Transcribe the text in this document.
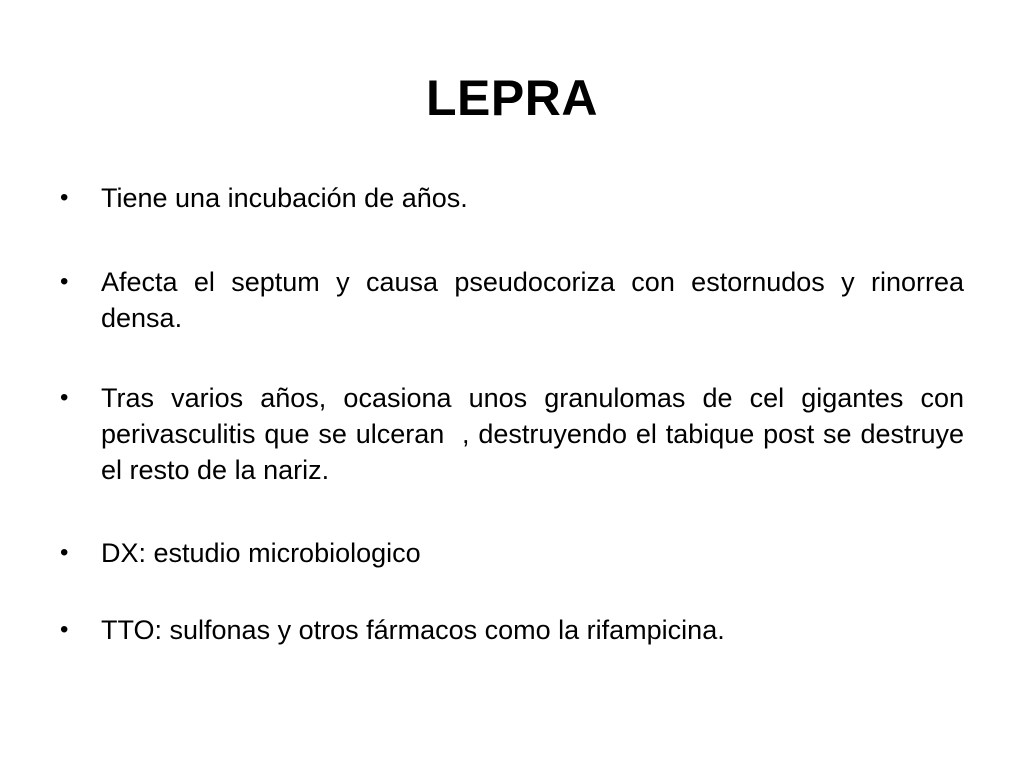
LEPRA
• Tiene una incubación de años.
• Afecta el septum y causa pseudocoriza con estornudos y rinorrea densa.
• Tras varios años, ocasiona unos granulomas de cel gigantes con perivasculitis que se ulceran  , destruyendo el tabique post se destruye el resto de la nariz.
• DX: estudio microbiologico
• TTO: sulfonas y otros fármacos como la rifampicina.
